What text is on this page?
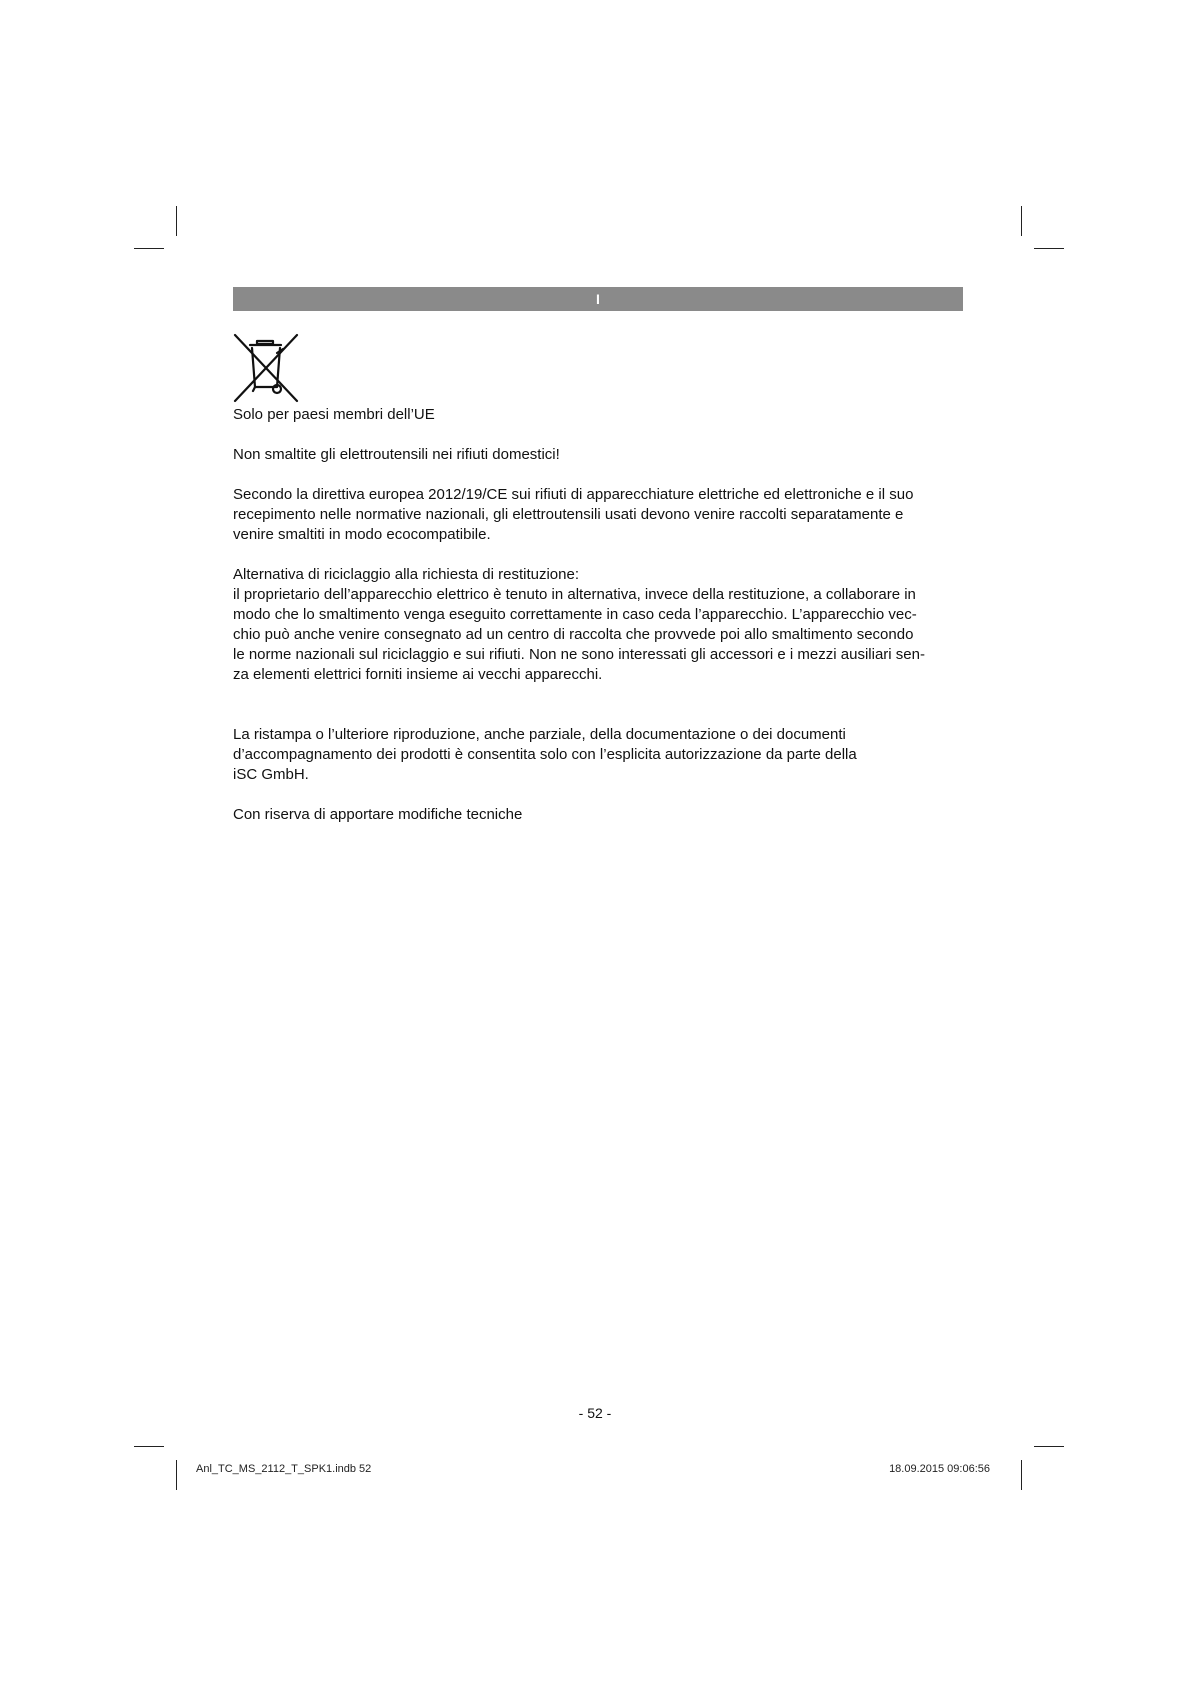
I

Solo per paesi membri dell’UE

Non smaltite gli elettroutensili nei rifiuti domestici!

Secondo la direttiva europea 2012/19/CE sui rifiuti di apparecchiature elettriche ed elettroniche e il suo
recepimento nelle normative nazionali, gli elettroutensili usati devono venire raccolti separatamente e
venire smaltiti in modo ecocompatibile.

Alternativa di riciclaggio alla richiesta di restituzione:

il proprietario dell’apparecchio elettrico è tenuto in alternativa, invece della restituzione, a collaborare in
modo che lo smaltimento venga eseguito correttamente in caso ceda l’apparecchio. L’apparecchio vec-
chio può anche venire consegnato ad un centro di raccolta che provvede poi allo smaltimento secondo
le norme nazionali sul riciclaggio e sui rifiuti. Non ne sono interessati gli accessori e i mezzi ausiliari sen-
za elementi elettrici forniti insieme ai vecchi apparecchi.

La ristampa o l’ulteriore riproduzione, anche parziale, della documentazione o dei documenti
d’accompagnamento dei prodotti è consentita solo con l’esplicita autorizzazione da parte della
iSC GmbH.

Con riserva di apportare modifiche tecniche

- 52 -
Anl_TC_MS_2112_T_SPK1.indb 52	18.09.2015 09:06:56
